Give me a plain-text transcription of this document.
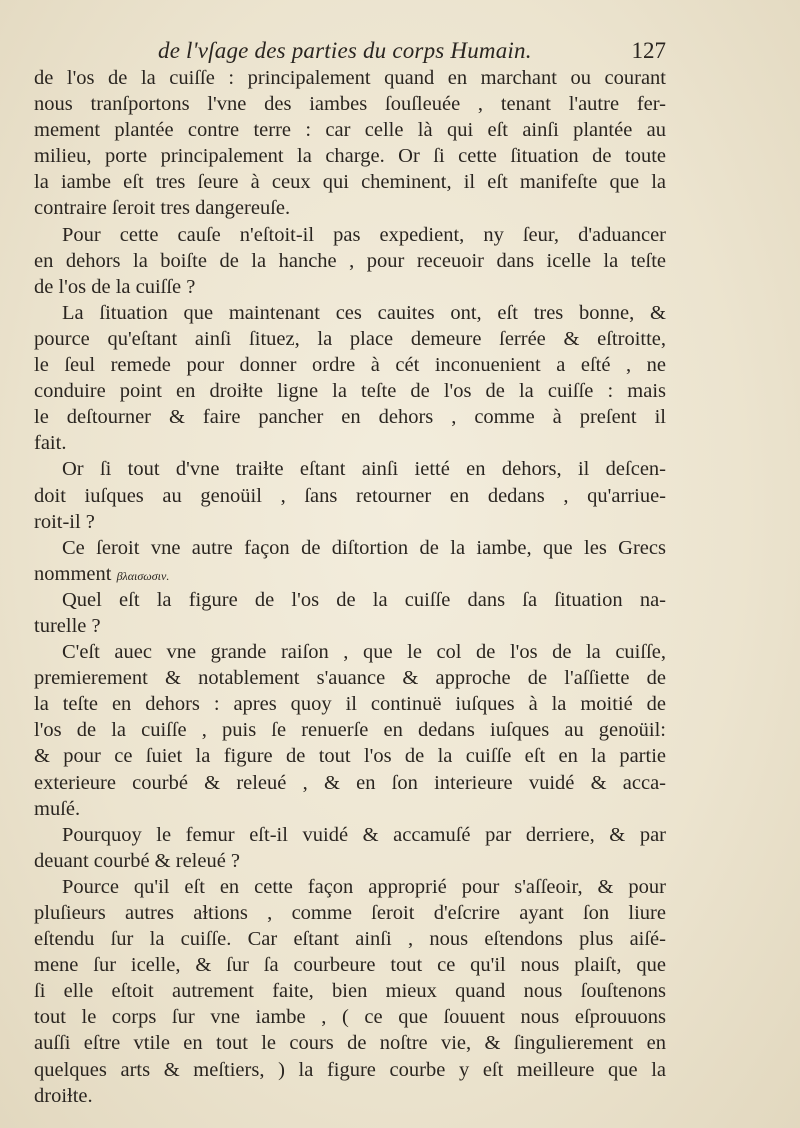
de l'vſage des parties du corps Humain.	127
de l'os de la cuiſſe : principalement quand en marchant ou courant
nous tranſportons l'vne des iambes ſouſleuée , tenant l'autre fer-
mement plantée contre terre : car celle là qui eſt ainſi plantée au
milieu, porte principalement la charge. Or ſi cette ſituation de toute
la iambe eſt tres ſeure à ceux qui cheminent, il eſt manifeſte que la
contraire ſeroit tres dangereuſe.
Pour cette cauſe n'eſtoit-il pas expedient, ny ſeur, d'aduancer
en dehors la boiſte de la hanche , pour receuoir dans icelle la teſte
de l'os de la cuiſſe ?
La ſituation que maintenant ces cauites ont, eſt tres bonne, &
pource qu'eſtant ainſi ſituez, la place demeure ſerrée & eſtroitte,
le ſeul remede pour donner ordre à cét inconuenient a eſté , ne
conduire point en droiɫte ligne la teſte de l'os de la cuiſſe : mais
le deſtourner & faire pancher en dehors , comme à preſent il
fait.
Or ſi tout d'vne traiɫte eſtant ainſi ietté en dehors, il deſcen-
doit iuſques au genoüil , ſans retourner en dedans , qu'arriue-
roit-il ?
Ce ſeroit vne autre façon de diſtortion de la iambe, que les Grecs
nomment βλαισωσιν.
Quel eſt la figure de l'os de la cuiſſe dans ſa ſituation na-
turelle ?
C'eſt auec vne grande raiſon , que le col de l'os de la cuiſſe,
premierement & notablement s'auance & approche de l'aſſiette de
la teſte en dehors : apres quoy il continuë iuſques à la moitié de
l'os de la cuiſſe , puis ſe renuerſe en dedans iuſques au genoüil:
& pour ce ſuiet la figure de tout l'os de la cuiſſe eſt en la partie
exterieure courbé & releué , & en ſon interieure vuidé & acca-
muſé.
Pourquoy le femur eſt-il vuidé & accamuſé par derriere, & par
deuant courbé & releué ?
Pource qu'il eſt en cette façon approprié pour s'aſſeoir, & pour
pluſieurs autres aɫtions , comme ſeroit d'eſcrire ayant ſon liure
eſtendu ſur la cuiſſe. Car eſtant ainſi , nous eſtendons plus aiſé-
mene ſur icelle, & ſur ſa courbeure tout ce qu'il nous plaiſt, que
ſi elle eſtoit autrement faite, bien mieux quand nous ſouſtenons
tout le corps ſur vne iambe , ( ce que ſouuent nous eſprouuons
auſſi eſtre vtile en tout le cours de noſtre vie, & ſingulierement en
quelques arts & meſtiers, ) la figure courbe y eſt meilleure que la
droiɫte.
